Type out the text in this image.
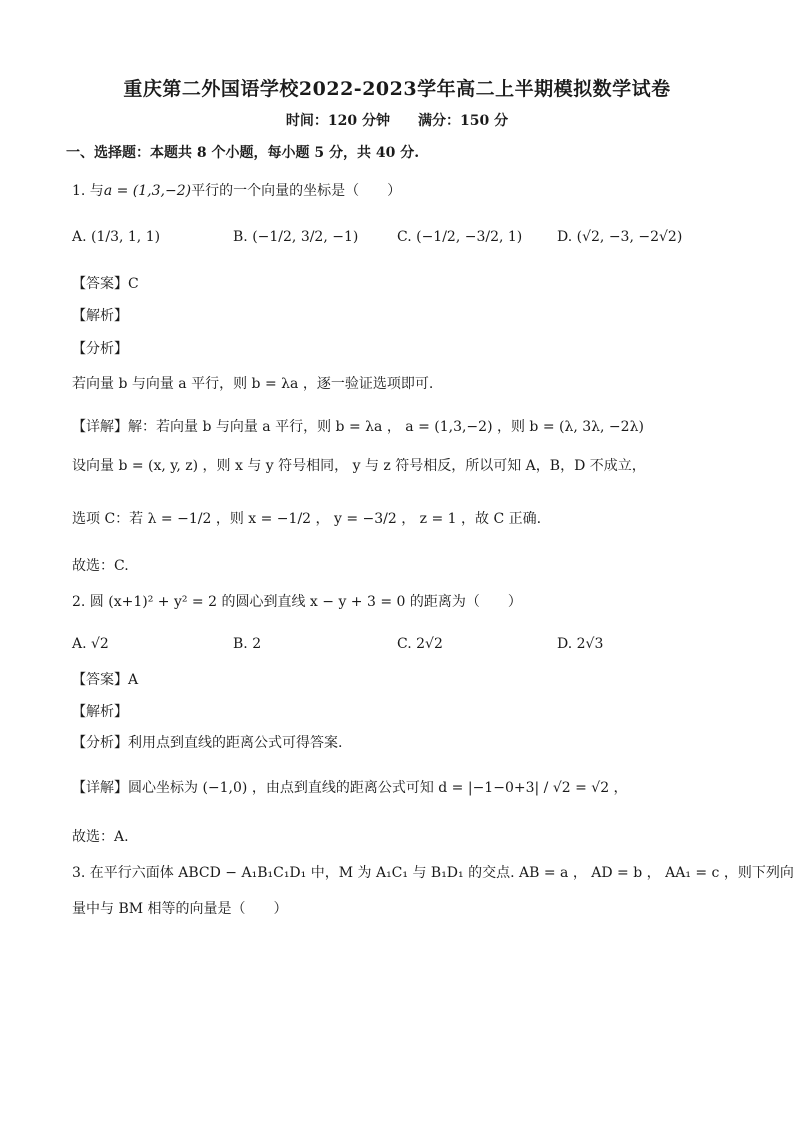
重庆第二外国语学校2022-2023学年高二上半期模拟数学试卷
时间：120 分钟 满分：150 分
一、选择题：本题共 8 个小题，每小题 5 分，共 40 分.
1. 与a = (1,3,−2)平行的一个向量的坐标是（　　）
A. (1/3, 1, 1)	B. (−1/2, 3/2, −1)	C. (−1/2, −3/2, 1) D. (√2, −3, −2√2)
【答案】C
【解析】
【分析】
若向量 b 与向量 a 平行，则 b = λa ，逐一验证选项即可.
【详解】解：若向量 b 与向量 a 平行，则 b = λa ， a = (1,3,−2) ，则 b = (λ, 3λ, −2λ)
设向量 b = (x, y, z) ，则 x 与 y 符号相同， y 与 z 符号相反，所以可知 A，B，D 不成立，
选项 C：若 λ = −1/2 ，则 x = −1/2 ， y = −3/2 ， z = 1 ，故 C 正确.
故选：C.
2. 圆 (x+1)² + y² = 2 的圆心到直线 x − y + 3 = 0 的距离为（　　）
A. √2	B. 2	C. 2√2	D. 2√3
【答案】A
【解析】
【分析】利用点到直线的距离公式可得答案.
【详解】圆心坐标为 (−1,0) ，由点到直线的距离公式可知 d = |−1−0+3| / √2 = √2 ，
故选：A.
3. 在平行六面体 ABCD − A₁B₁C₁D₁ 中，M 为 A₁C₁ 与 B₁D₁ 的交点. AB = a ， AD = b ， AA₁ = c ，则下列向
量中与 BM 相等的向量是（　　）
